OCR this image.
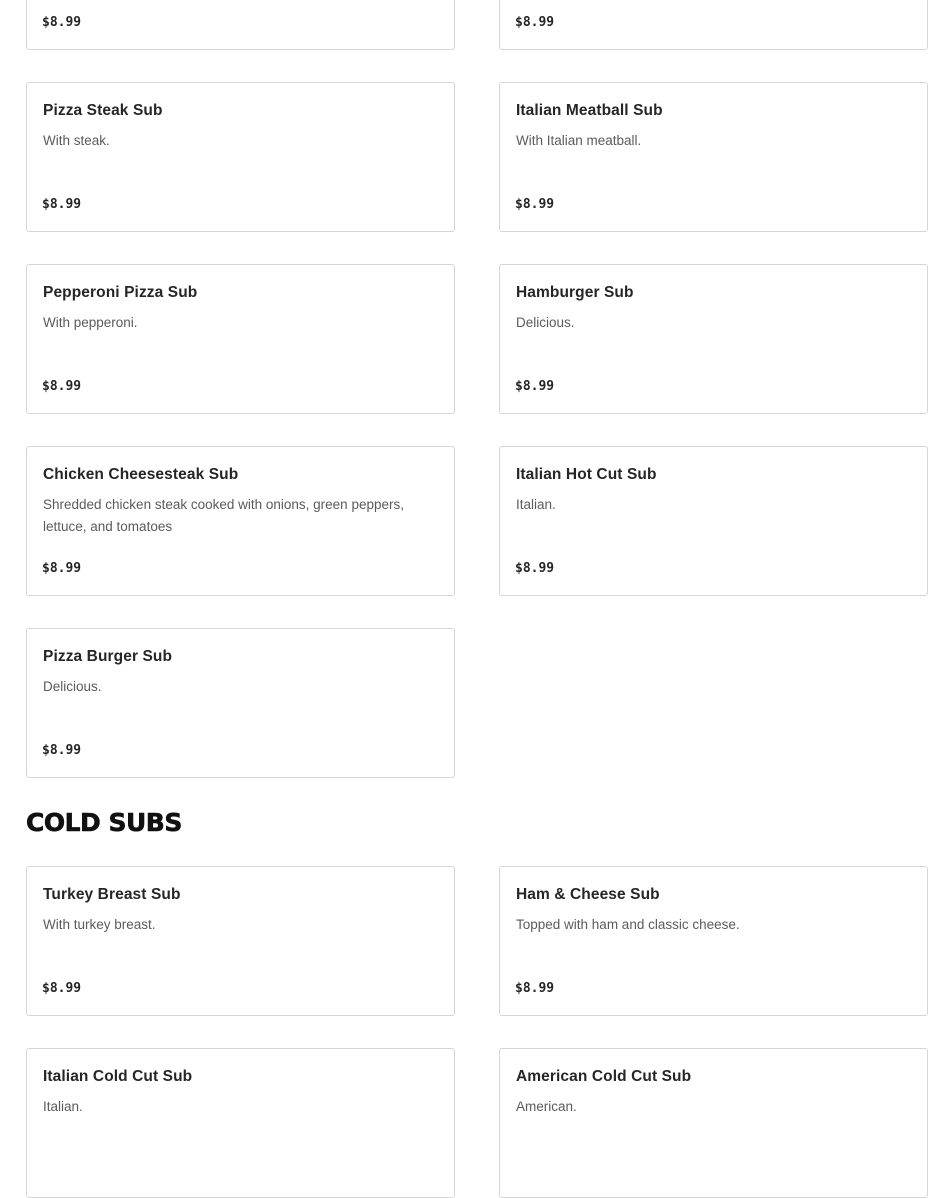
$8.99	$8.99
Pizza Steak Sub
With steak.
$8.99
Italian Meatball Sub
With Italian meatball.
$8.99
Pepperoni Pizza Sub
With pepperoni.
$8.99
Hamburger Sub
Delicious.
$8.99
Chicken Cheesesteak Sub
Shredded chicken steak cooked with onions, green peppers, lettuce, and tomatoes
$8.99
Italian Hot Cut Sub
Italian.
$8.99
Pizza Burger Sub
Delicious.
$8.99
COLD SUBS
Turkey Breast Sub
With turkey breast.
$8.99
Ham & Cheese Sub
Topped with ham and classic cheese.
$8.99
Italian Cold Cut Sub
Italian.
American Cold Cut Sub
American.
